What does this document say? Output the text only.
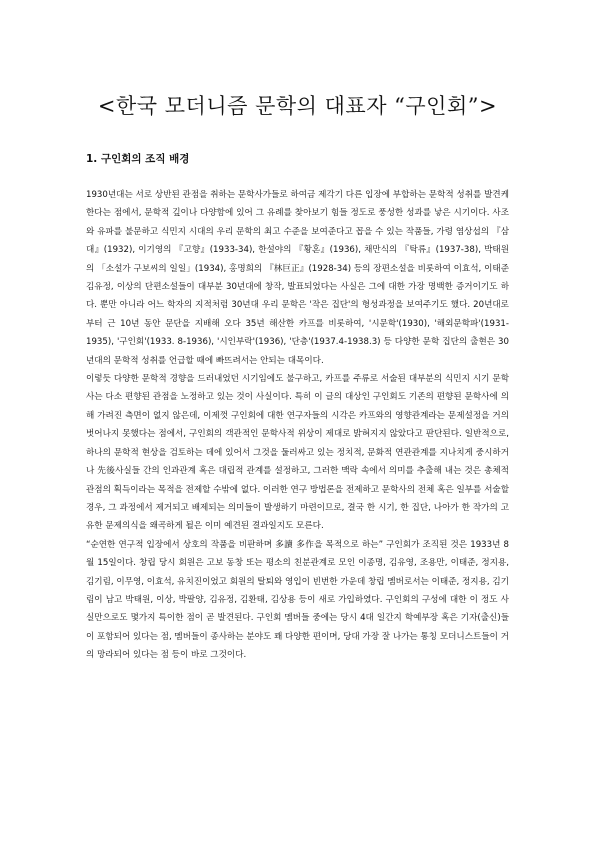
<한국 모더니즘 문학의 대표자 “구인회”>
1. 구인회의 조직 배경

1930년대는 서로 상반된 관점을 취하는 문학사가들로 하여금 제각기 다른 입장에 부합하는 문학적 성취를 발견케 한다는 점에서, 문학적 깊이나 다양함에 있어 그 유례를 찾아보기 힘들 정도로 풍성한 성과를 낳은 시기이다. 사조와 유파를 불문하고 식민지 시대의 우리 문학의 최고 수준을 보여준다고 꼽을 수 있는 작품들, 가령 염상섭의 『삼대』(1932), 이기영의 『고향』(1933-34), 한설야의 『황혼』(1936), 채만식의 『탁류』(1937-38), 박태원의 「소설가 구보씨의 일일」(1934), 홍명희의 『林巨正』(1928-34) 등의 장편소설을 비롯하여 이효석, 이태준 김유정, 이상의 단편소설들이 대부분 30년대에 창작, 발표되었다는 사실은 그에 대한 가장 명백한 증거이기도 하다. 뿐만 아니라 어느 학자의 지적처럼 30년대 우리 문학은 '작은 집단'의 형성과정을 보여주기도 했다. 20년대로부터 근 10년 동안 문단을 지배해 오다 35년 해산한 카프를 비롯하여, '시문학'(1930), '해외문학파'(1931-1935), '구인회'(1933. 8-1936), '시인부락'(1936), '단층'(1937.4-1938.3) 등 다양한 문학 집단의 출현은 30년대의 문학적 성취를 언급할 때에 빠뜨려서는 안되는 대목이다.

이렇듯 다양한 문학적 경향을 드러내었던 시기임에도 불구하고, 카프를 주류로 서술된 대부분의 식민지 시기 문학사는 다소 편향된 관점을 노정하고 있는 것이 사실이다. 특히 이 글의 대상인 구인회도 기존의 편향된 문학사에 의해 가려진 측면이 없지 않은데, 이제껏 구인회에 대한 연구자들의 시각은 카프와의 영향관계라는 문제설정을 거의 벗어나지 못했다는 점에서, 구인회의 객관적인 문학사적 위상이 제대로 밝혀지지 않았다고 판단된다. 일반적으로, 하나의 문학적 현상을 검토하는 데에 있어서 그것을 둘러싸고 있는 정치적, 문화적 연관관계를 지나치게 중시하거나 先後사실들 간의 인과관계 혹은 대립적 관계를 설정하고, 그러한 맥락 속에서 의미를 추출해 내는 것은 총체적 관점의 획득이라는 목적을 전제할 수밖에 없다. 이러한 연구 방법론을 전제하고 문학사의 전체 혹은 일부를 서술할 경우, 그 과정에서 제거되고 배제되는 의미들이 발생하기 마련이므로, 결국 한 시기, 한 집단, 나아가 한 작가의 고유한 문제의식을 왜곡하게 될은 이미 예견된 결과일지도 모른다.

“순연한 연구적 입장에서 상호의 작품을 비판하며 多讀 多作을 목적으로 하는” 구인회가 조직된 것은 1933년 8월 15일이다. 창립 당시 회원은 고보 동창 또는 평소의 친분관계로 모인 이종명, 김유영, 조용만, 이태준, 정지용, 김기림, 이무영, 이효석, 유치진이었고 회원의 탈퇴와 영입이 빈번한 가운데 창립 멤버로서는 이태준, 정지용, 김기림이 남고 박태원, 이상, 박팔양, 김유정, 김환태, 김상용 등이 새로 가입하였다. 구인회의 구성에 대한 이 정도 사실만으로도 몇가지 특이한 점이 곧 발견된다. 구인회 멤버들 중에는 당시 4대 일간지 학예부장 혹은 기자(출신)들이 포함되어 있다는 점, 멤버들이 종사하는 분야도 꽤 다양한 편이며, 당대 가장 잘 나가는 통칭 모더니스트들이 거의 망라되어 있다는 점 등이 바로 그것이다.
